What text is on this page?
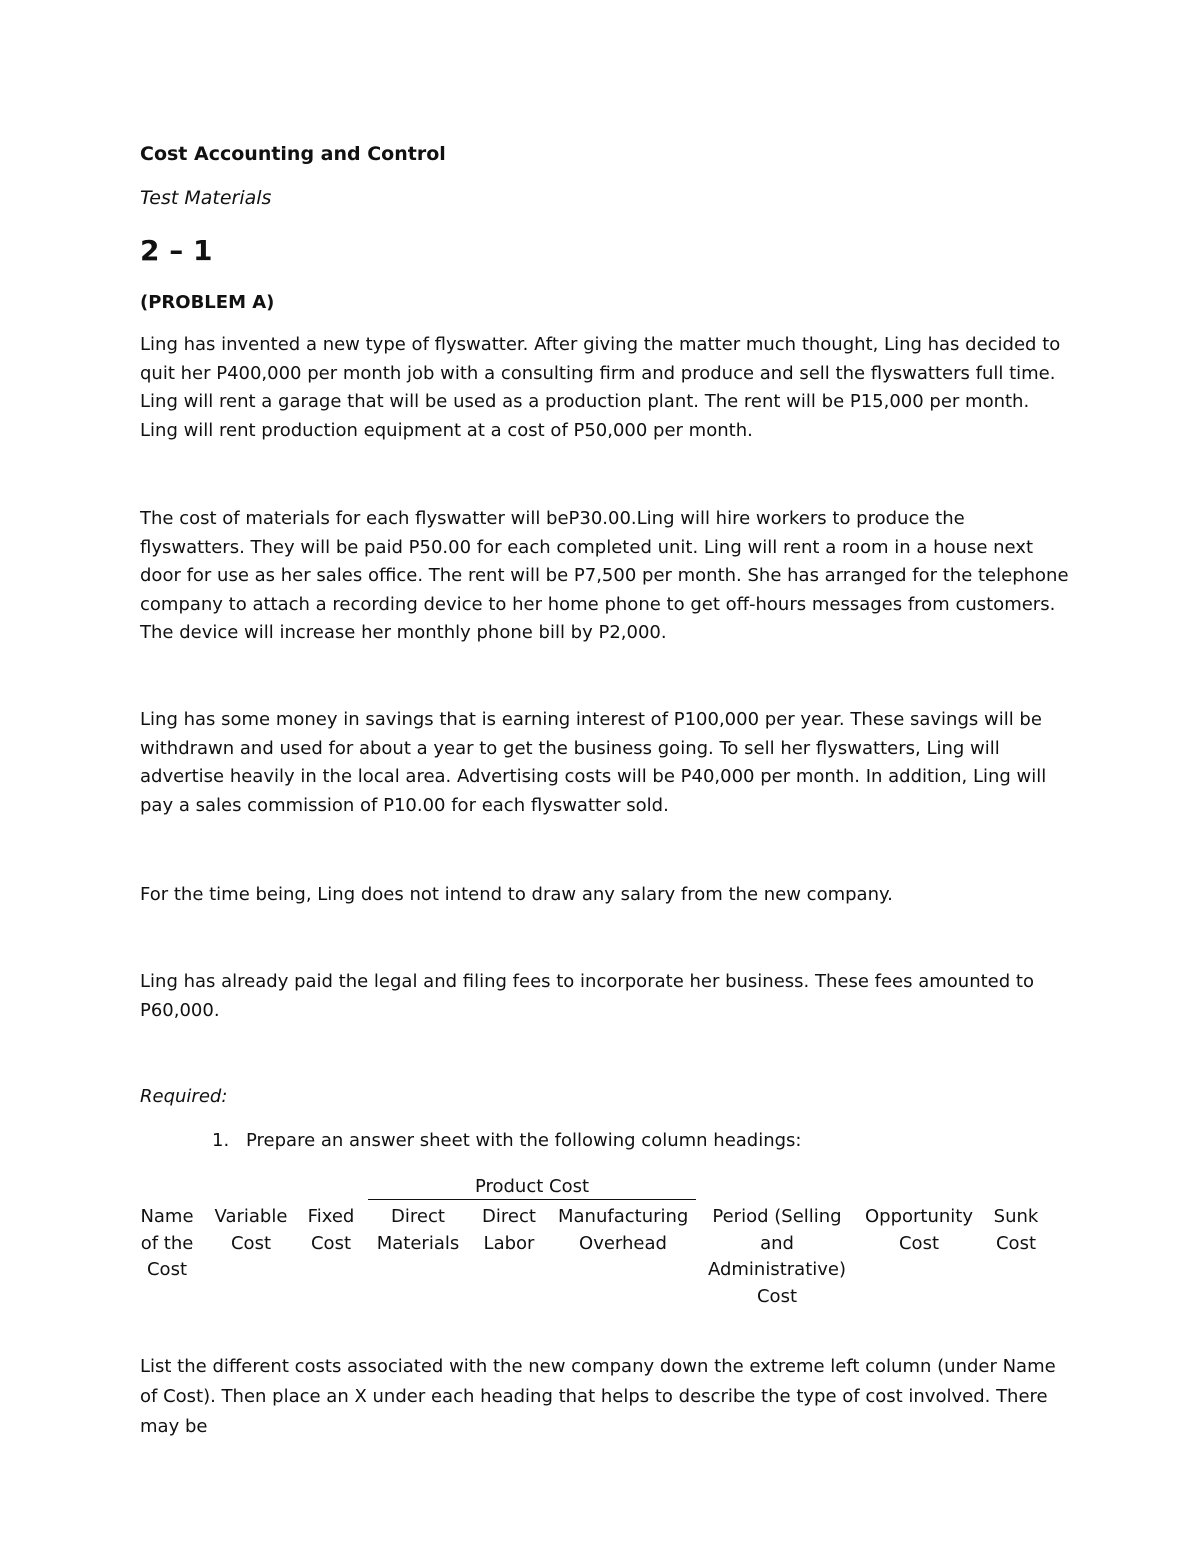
Cost Accounting and Control

Test Materials

2 – 1

(PROBLEM A)

Ling has invented a new type of flyswatter. After giving the matter much thought, Ling has decided to quit her P400,000 per month job with a consulting firm and produce and sell the flyswatters full time. Ling will rent a garage that will be used as a production plant. The rent will be P15,000 per month. Ling will rent production equipment at a cost of P50,000 per month.

The cost of materials for each flyswatter will beP30.00.Ling will hire workers to produce the flyswatters. They will be paid P50.00 for each completed unit. Ling will rent a room in a house next door for use as her sales office. The rent will be P7,500 per month. She has arranged for the telephone company to attach a recording device to her home phone to get off-hours messages from customers. The device will increase her monthly phone bill by P2,000.

Ling has some money in savings that is earning interest of P100,000 per year. These savings will be withdrawn and used for about a year to get the business going. To sell her flyswatters, Ling will advertise heavily in the local area. Advertising costs will be P40,000 per month. In addition, Ling will pay a sales commission of P10.00 for each flyswatter sold.

For the time being, Ling does not intend to draw any salary from the new company.

Ling has already paid the legal and filing fees to incorporate her business. These fees amounted to P60,000.

Required:

1. Prepare an answer sheet with the following column headings:

Product Cost
Name of the Cost
Variable Cost
Fixed Cost
Direct Materials
Direct Labor
Manufacturing Overhead
Period (Selling and Administrative) Cost
Opportunity Cost
Sunk Cost

List the different costs associated with the new company down the extreme left column (under Name of Cost). Then place an X under each heading that helps to describe the type of cost involved. There may be
